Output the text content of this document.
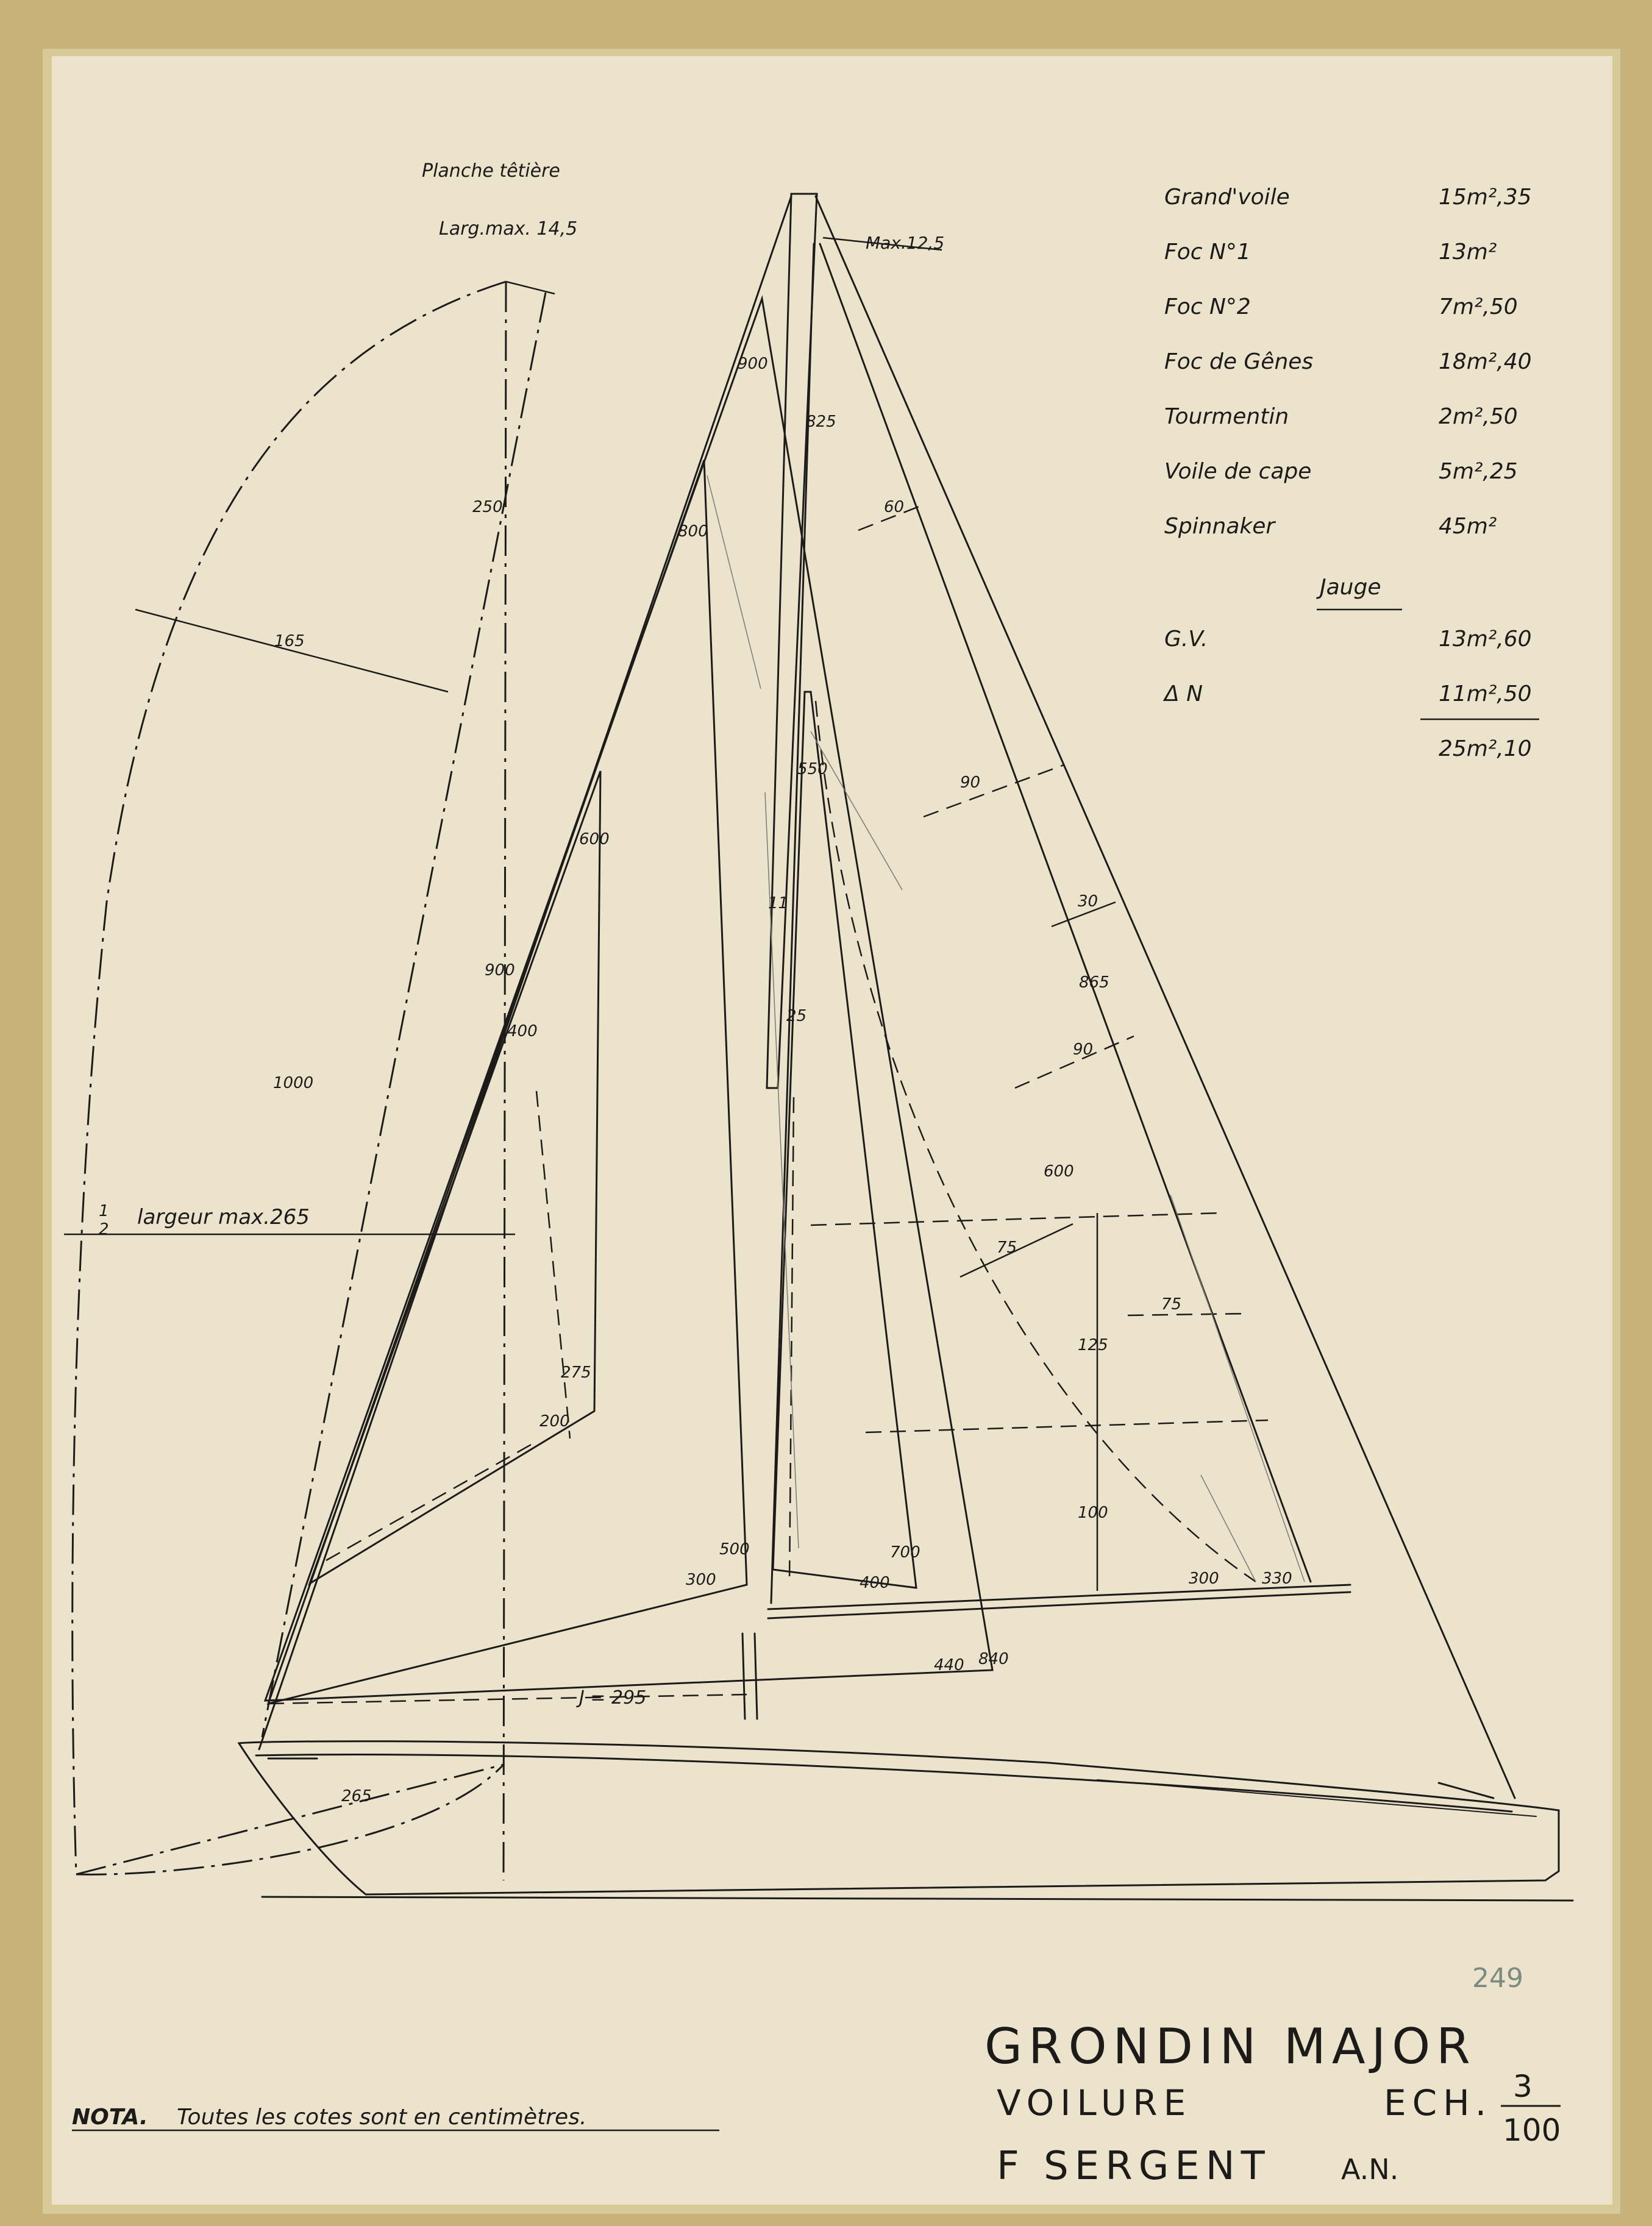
Planche têtière
Larg.max. 14,5
Max.12,5
1
2 largeur max.265
J = 295
250
165
1000
900
265
900
800
600
400
275
200
500
300	400
700
840
440
825
60
550
11
25
90
30
865
90
600
75
75
125
100
300	330
Grand'voile	15m²,35
Foc N°1	13m²
Foc N°2	7m²,50
Foc de Gênes	18m²,40
Tourmentin	2m²,50
Voile de cape	5m²,25
Spinnaker	45m²
Jauge
G.V.	13m²,60
Δ N	11m²,50
25m²,10
249
GRONDIN MAJOR
VOILURE	ECH. 3
100
F SERGENT	A.N.
NOTA. Toutes les cotes sont en centimètres.
